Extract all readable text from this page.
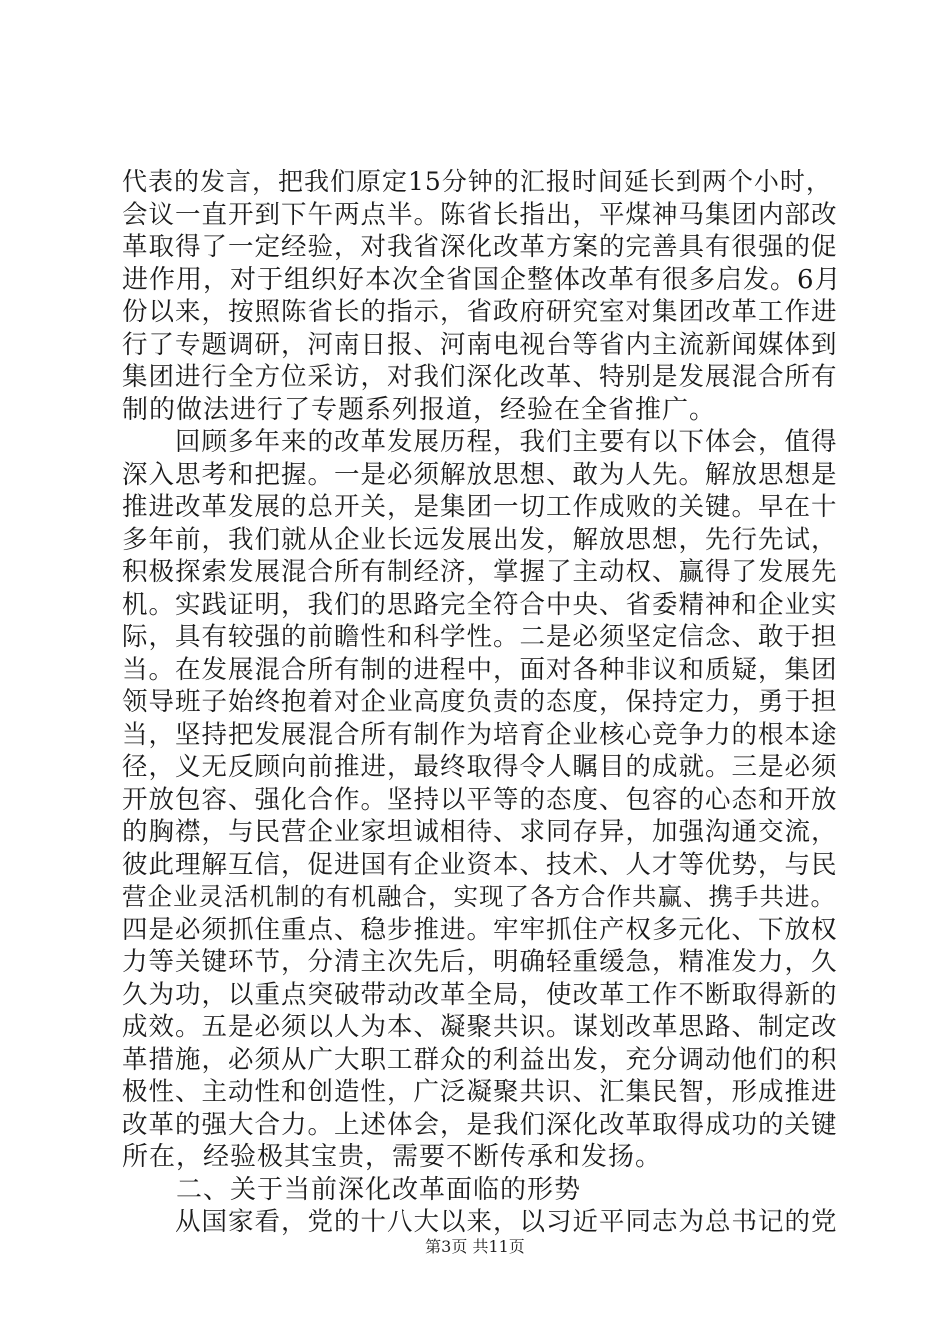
代表的发言，把我们原定15分钟的汇报时间延长到两个小时，
会议一直开到下午两点半。陈省长指出，平煤神马集团内部改
革取得了一定经验，对我省深化改革方案的完善具有很强的促
进作用，对于组织好本次全省国企整体改革有很多启发。6月
份以来，按照陈省长的指示，省政府研究室对集团改革工作进
行了专题调研，河南日报、河南电视台等省内主流新闻媒体到
集团进行全方位采访，对我们深化改革、特别是发展混合所有
制的做法进行了专题系列报道，经验在全省推广。
　　回顾多年来的改革发展历程，我们主要有以下体会，值得
深入思考和把握。一是必须解放思想、敢为人先。解放思想是
推进改革发展的总开关，是集团一切工作成败的关键。早在十
多年前，我们就从企业长远发展出发，解放思想，先行先试，
积极探索发展混合所有制经济，掌握了主动权、赢得了发展先
机。实践证明，我们的思路完全符合中央、省委精神和企业实
际，具有较强的前瞻性和科学性。二是必须坚定信念、敢于担
当。在发展混合所有制的进程中，面对各种非议和质疑，集团
领导班子始终抱着对企业高度负责的态度，保持定力，勇于担
当，坚持把发展混合所有制作为培育企业核心竞争力的根本途
径，义无反顾向前推进，最终取得令人瞩目的成就。三是必须
开放包容、强化合作。坚持以平等的态度、包容的心态和开放
的胸襟，与民营企业家坦诚相待、求同存异，加强沟通交流，
彼此理解互信，促进国有企业资本、技术、人才等优势，与民
营企业灵活机制的有机融合，实现了各方合作共赢、携手共进。
四是必须抓住重点、稳步推进。牢牢抓住产权多元化、下放权
力等关键环节，分清主次先后，明确轻重缓急，精准发力，久
久为功，以重点突破带动改革全局，使改革工作不断取得新的
成效。五是必须以人为本、凝聚共识。谋划改革思路、制定改
革措施，必须从广大职工群众的利益出发，充分调动他们的积
极性、主动性和创造性，广泛凝聚共识、汇集民智，形成推进
改革的强大合力。上述体会，是我们深化改革取得成功的关键
所在，经验极其宝贵，需要不断传承和发扬。
　　二、关于当前深化改革面临的形势
　　从国家看，党的十八大以来，以习近平同志为总书记的党
第3页 共11页
